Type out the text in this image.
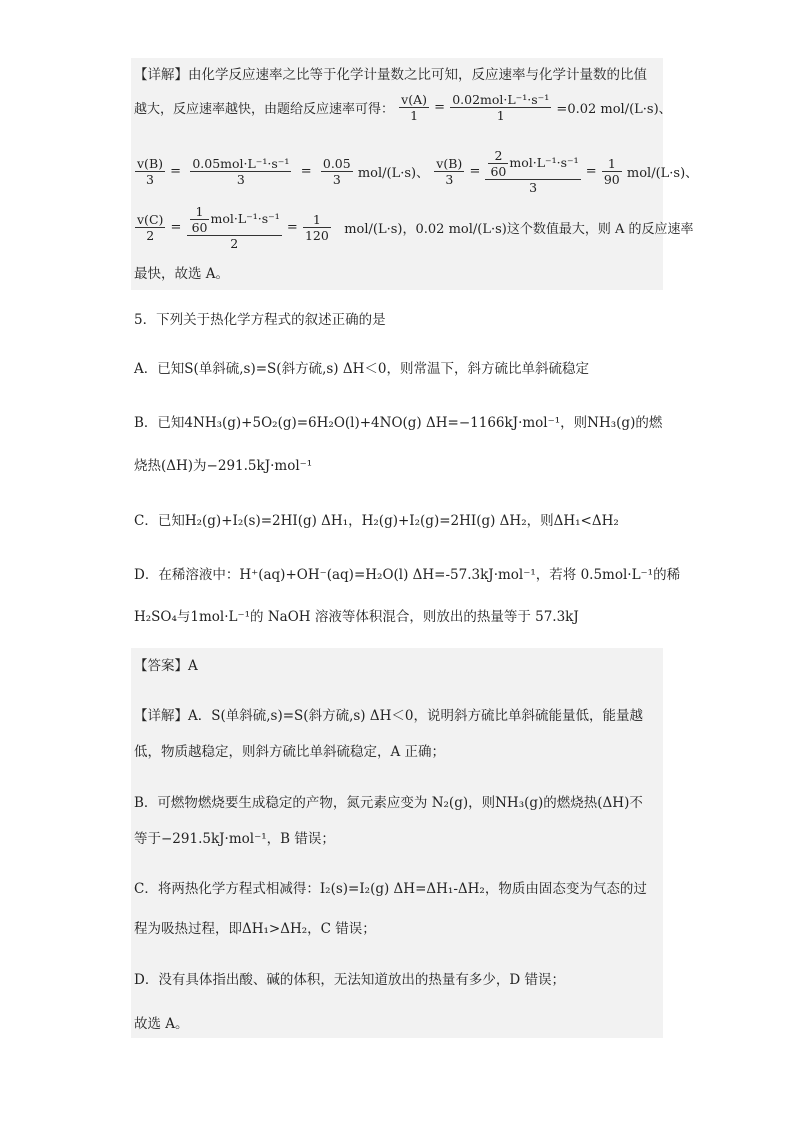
【详解】由化学反应速率之比等于化学计量数之比可知，反应速率与化学计量数的比值
越大，反应速率越快，由题给反应速率可得： $\frac{v(A)}{1} = \frac{\text{0.02mol·L⁻¹·s⁻¹}}{1} =0.02$ mol/(L·s)、
$\frac{v(B)}{3} = \frac{\text{0.05mol·L⁻¹·s⁻¹}}{3} = \frac{0.05}{3} mol/(L\cdot s)$、 $\frac{v(B)}{3} = \frac{\frac{2}{60} mol\cdot L^{-1}\cdot s^{-1}}{3} = \frac{1}{90} mol/(L\cdot s)$、
$\frac{v(C)}{2} = \frac{\frac{1}{60} mol\cdot L^{-1}\cdot s^{-1}}{2} = \frac{1}{120} mol/(L\cdot s)$，0.02 mol/(L·s)这个数值最大，则 A 的反应速率
最快，故选 A。
5．下列关于热化学方程式的叙述正确的是
A．已知S(单斜硫,s)=S(斜方硫,s) ΔH＜0，则常温下，斜方硫比单斜硫稳定
B．已知4NH₃(g)+5O₂(g)=6H₂O(l)+4NO(g) ΔH=−1166kJ·mol⁻¹，则NH₃(g)的燃
烧热(ΔH)为−291.5kJ·mol⁻¹
C．已知H₂(g)+I₂(s)=2HI(g) ΔH₁，H₂(g)+I₂(g)=2HI(g) ΔH₂，则ΔH₁<ΔH₂
D．在稀溶液中：H⁺(aq)+OH⁻(aq)=H₂O(l) ΔH=-57.3kJ·mol⁻¹，若将 0.5mol·L⁻¹的稀
H₂SO₄与1mol·L⁻¹的 NaOH 溶液等体积混合，则放出的热量等于 57.3kJ
【答案】A
【详解】A．S(单斜硫,s)=S(斜方硫,s) ΔH＜0，说明斜方硫比单斜硫能量低，能量越
低，物质越稳定，则斜方硫比单斜硫稳定，A 正确；
B．可燃物燃烧要生成稳定的产物，氮元素应变为 N₂(g)，则NH₃(g)的燃烧热(ΔH)不
等于−291.5kJ·mol⁻¹，B 错误；
C．将两热化学方程式相减得：I₂(s)=I₂(g) ΔH=ΔH₁-ΔH₂，物质由固态变为气态的过
程为吸热过程，即ΔH₁>ΔH₂，C 错误；
D．没有具体指出酸、碱的体积，无法知道放出的热量有多少，D 错误；
故选 A。
